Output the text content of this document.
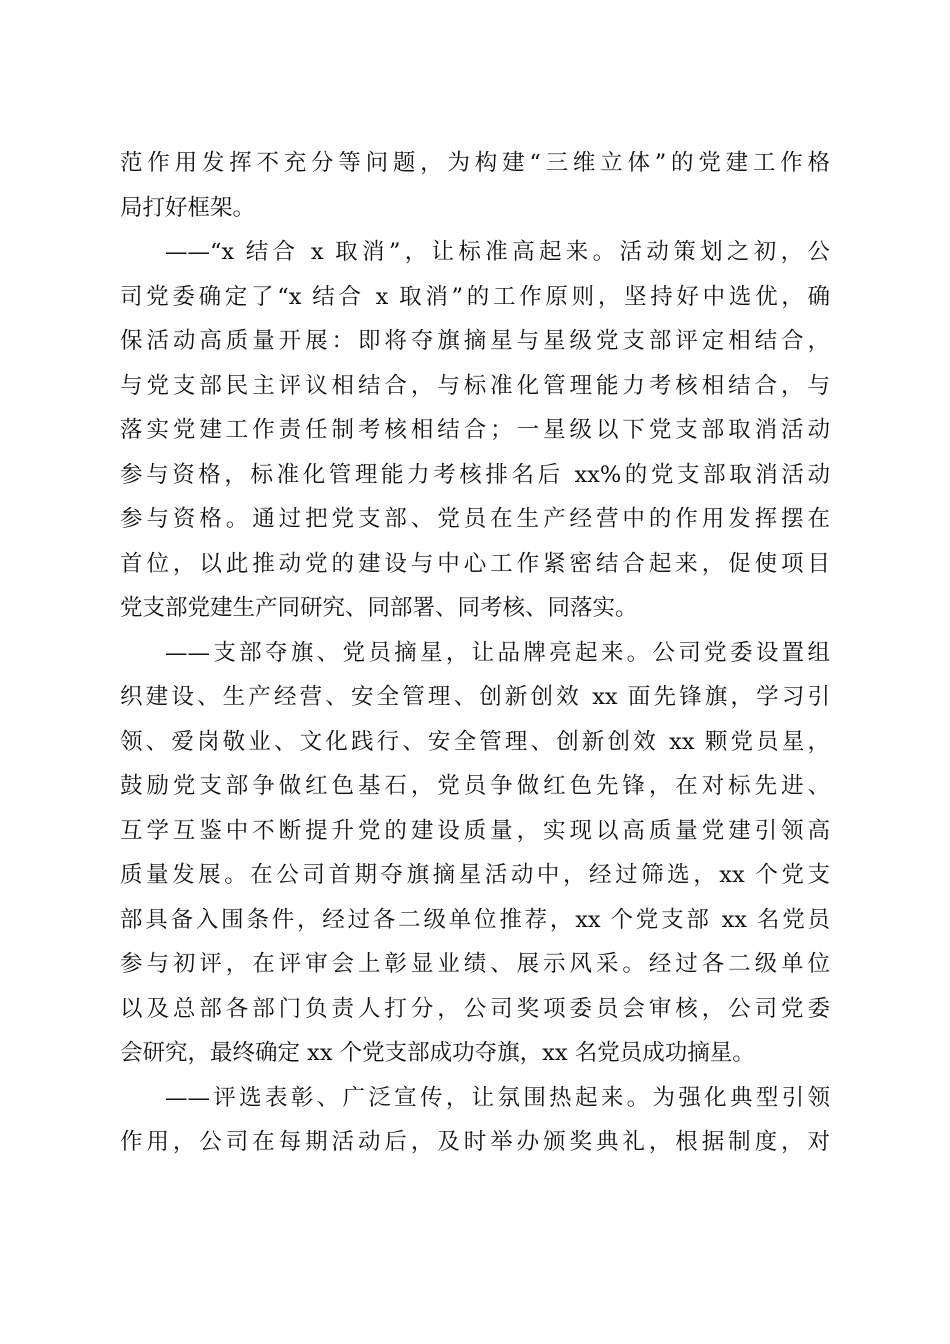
范作用发挥不充分等问题，为构建“三维立体”的党建工作格
局打好框架。
——“x 结合 x 取消”，让标准高起来。活动策划之初，公
司党委确定了“x 结合 x 取消”的工作原则，坚持好中选优，确
保活动高质量开展：即将夺旗摘星与星级党支部评定相结合，
与党支部民主评议相结合，与标准化管理能力考核相结合，与
落实党建工作责任制考核相结合；一星级以下党支部取消活动
参与资格，标准化管理能力考核排名后 xx%的党支部取消活动
参与资格。通过把党支部、党员在生产经营中的作用发挥摆在
首位，以此推动党的建设与中心工作紧密结合起来，促使项目
党支部党建生产同研究、同部署、同考核、同落实。
——支部夺旗、党员摘星，让品牌亮起来。公司党委设置组
织建设、生产经营、安全管理、创新创效 xx 面先锋旗，学习引
领、爱岗敬业、文化践行、安全管理、创新创效 xx 颗党员星，
鼓励党支部争做红色基石，党员争做红色先锋，在对标先进、
互学互鉴中不断提升党的建设质量，实现以高质量党建引领高
质量发展。在公司首期夺旗摘星活动中，经过筛选，xx 个党支
部具备入围条件，经过各二级单位推荐，xx 个党支部 xx 名党员
参与初评，在评审会上彰显业绩、展示风采。经过各二级单位
以及总部各部门负责人打分，公司奖项委员会审核，公司党委
会研究，最终确定 xx 个党支部成功夺旗，xx 名党员成功摘星。
——评选表彰、广泛宣传，让氛围热起来。为强化典型引领
作用，公司在每期活动后，及时举办颁奖典礼，根据制度，对
